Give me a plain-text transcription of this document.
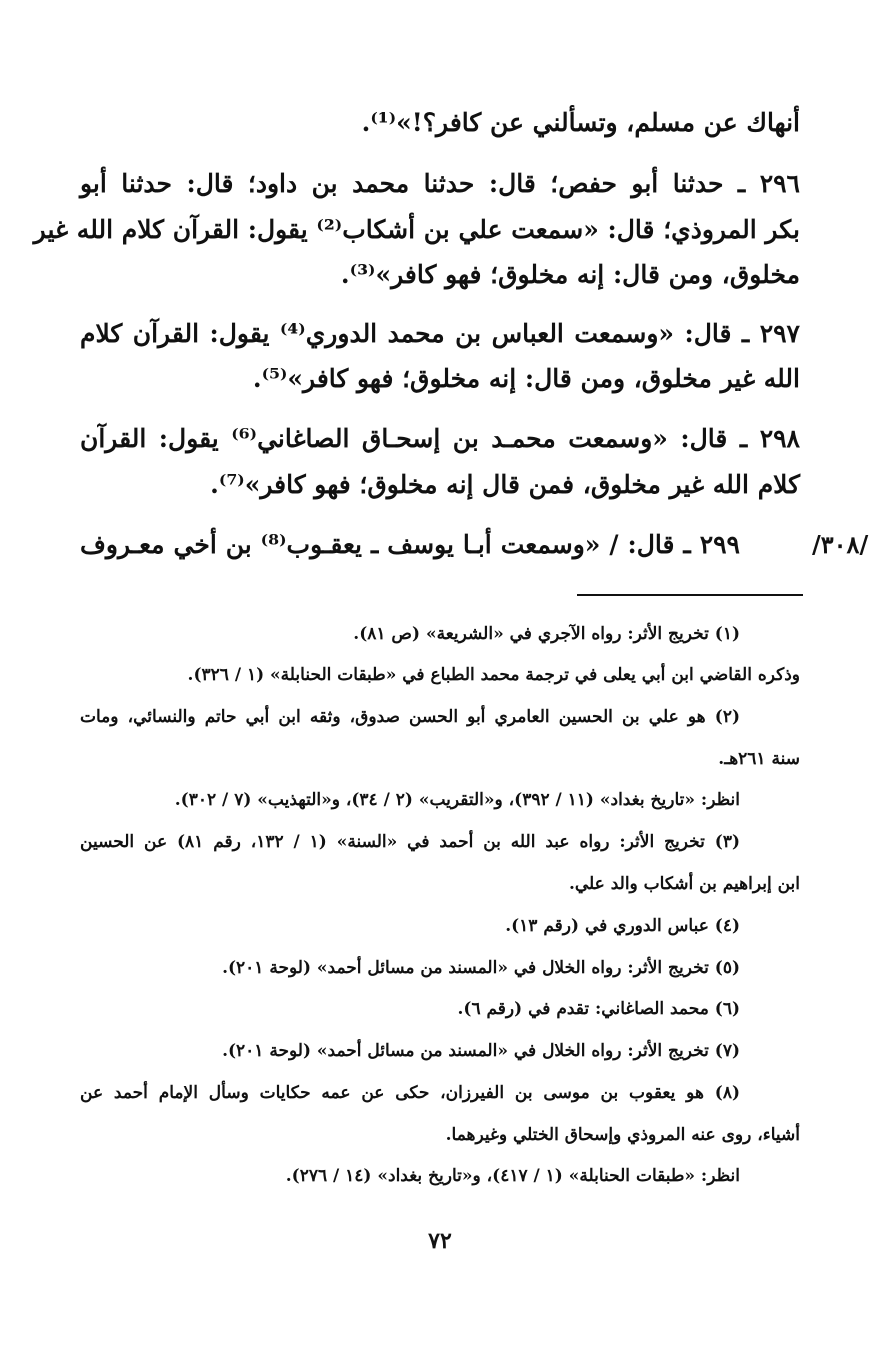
أنهاك عن مسلم، وتسألني عن كافر؟!»⁽¹⁾.
٢٩٦ ـ حدثنا أبو حفص؛ قال: حدثنا محمد بن داود؛ قال: حدثنا أبو
بكر المروذي؛ قال: «سمعت علي بن أشكاب⁽²⁾ يقول: القرآن كلام الله غير
مخلوق، ومن قال: إنه مخلوق؛ فهو كافر»⁽³⁾.
٢٩٧ ـ قال: «وسمعت العباس بن محمد الدوري⁽⁴⁾ يقول: القرآن كلام
الله غير مخلوق، ومن قال: إنه مخلوق؛ فهو كافر»⁽⁵⁾.
٢٩٨ ـ قال: «وسمعت محمـد بن إسحـاق الصاغاني⁽⁶⁾ يقول: القرآن
كلام الله غير مخلوق، فمن قال إنه مخلوق؛ فهو كافر»⁽⁷⁾.
٢٩٩ ـ قال: / «وسمعت أبـا يوسف ـ يعقـوب⁽⁸⁾ بن أخي معـروف	/٣٠٨/
(١) تخريج الأثر: رواه الآجري في «الشريعة» (ص ٨١).
وذكره القاضي ابن أبي يعلى في ترجمة محمد الطباع في «طبقات الحنابلة» (١ / ٣٢٦).
(٢) هو علي بن الحسين العامري أبو الحسن صدوق، وثقه ابن أبي حاتم والنسائي، ومات
سنة ٢٦١هـ.
انظر: «تاريخ بغداد» (١١ / ٣٩٢)، و«التقريب» (٢ / ٣٤)، و«التهذيب» (٧ / ٣٠٢).
(٣) تخريج الأثر: رواه عبد الله بن أحمد في «السنة» (١ / ١٣٢، رقم ٨١) عن الحسين
ابن إبراهيم بن أشكاب والد علي.
(٤) عباس الدوري في (رقم ١٣).
(٥) تخريج الأثر: رواه الخلال في «المسند من مسائل أحمد» (لوحة ٢٠١).
(٦) محمد الصاغاني: تقدم في (رقم ٦).
(٧) تخريج الأثر: رواه الخلال في «المسند من مسائل أحمد» (لوحة ٢٠١).
(٨) هو يعقوب بن موسى بن الفيرزان، حكى عن عمه حكايات وسأل الإمام أحمد عن
أشياء، روى عنه المروذي وإسحاق الختلي وغيرهما.
انظر: «طبقات الحنابلة» (١ / ٤١٧)، و«تاريخ بغداد» (١٤ / ٢٧٦).
٧٢
